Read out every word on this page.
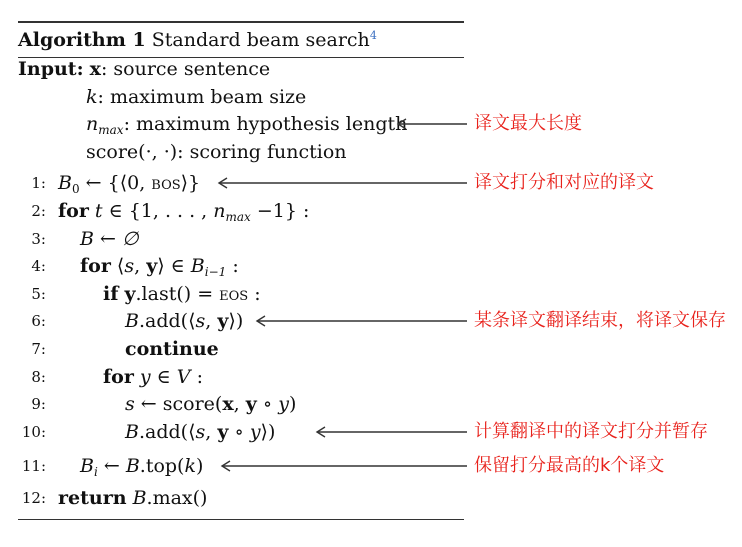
Algorithm 1 Standard beam search$^4$
Input: x: source sentence
k: maximum beam size
$n_{max}$: maximum hypothesis length
score(·, ·): scoring function
1:
2:
3:
4:
5:
6:
7:
8:
9:
10:
11:
12:
$B_0$ ← {⟨0, bos⟩}
for t ∈ {1, . . . , $n_{max} -1$} :
B ← ∅
for ⟨s, y⟩ ∈ $B_{i-1}$ :
if y.last() = eos :
B.add(⟨s, y⟩)
continue
for y ∈ V :
s ← score(x, y ∘ y)
B.add(⟨s, y ∘ y⟩)
$B_i$ ← B.top(k)
return B.max()
译文最大长度
译文打分和对应的译文
某条译文翻译结束，将译文保存
计算翻译中的译文打分并暂存
保留打分最高的k个译文
